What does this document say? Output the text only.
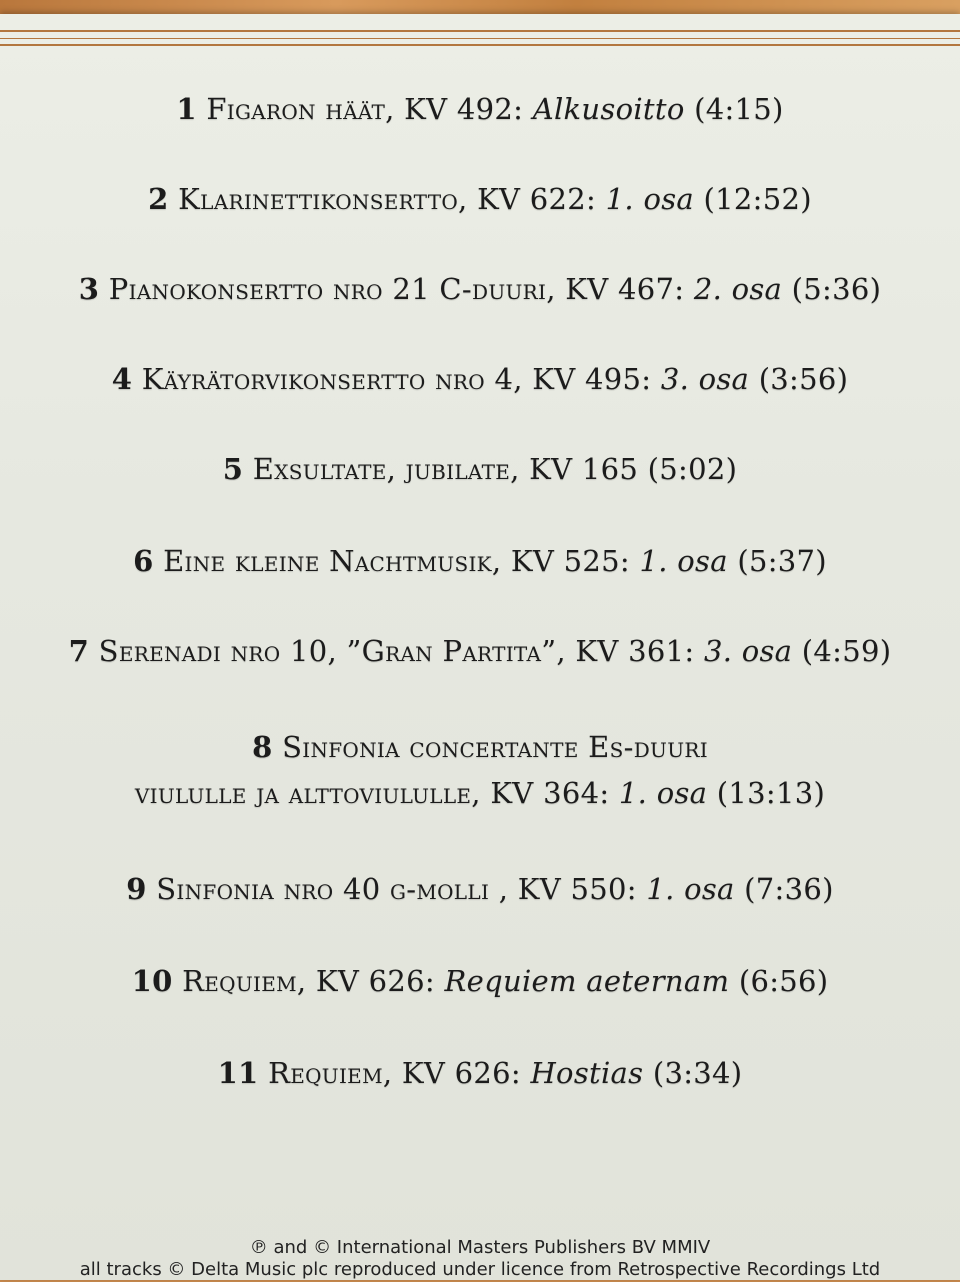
1 Figaron häät, KV 492: Alkusoitto (4:15)
2 Klarinettikonsertto, KV 622: 1. osa (12:52)
3 Pianokonsertto nro 21 C-duuri, KV 467: 2. osa (5:36)
4 Käyrätorvikonsertto nro 4, KV 495: 3. osa (3:56)
5 Exsultate, jubilate, KV 165 (5:02)
6 Eine kleine Nachtmusik, KV 525: 1. osa (5:37)
7 Serenadi nro 10, ”Gran Partita”, KV 361: 3. osa (4:59)
8 Sinfonia concertante Es-duuri
viululle ja alttoviululle, KV 364: 1. osa (13:13)
9 Sinfonia nro 40 g-molli , KV 550: 1. osa (7:36)
10 Requiem, KV 626: Requiem aeternam (6:56)
11 Requiem, KV 626: Hostias (3:34)
℗ and © International Masters Publishers BV MMIV
all tracks © Delta Music plc reproduced under licence from Retrospective Recordings Ltd
